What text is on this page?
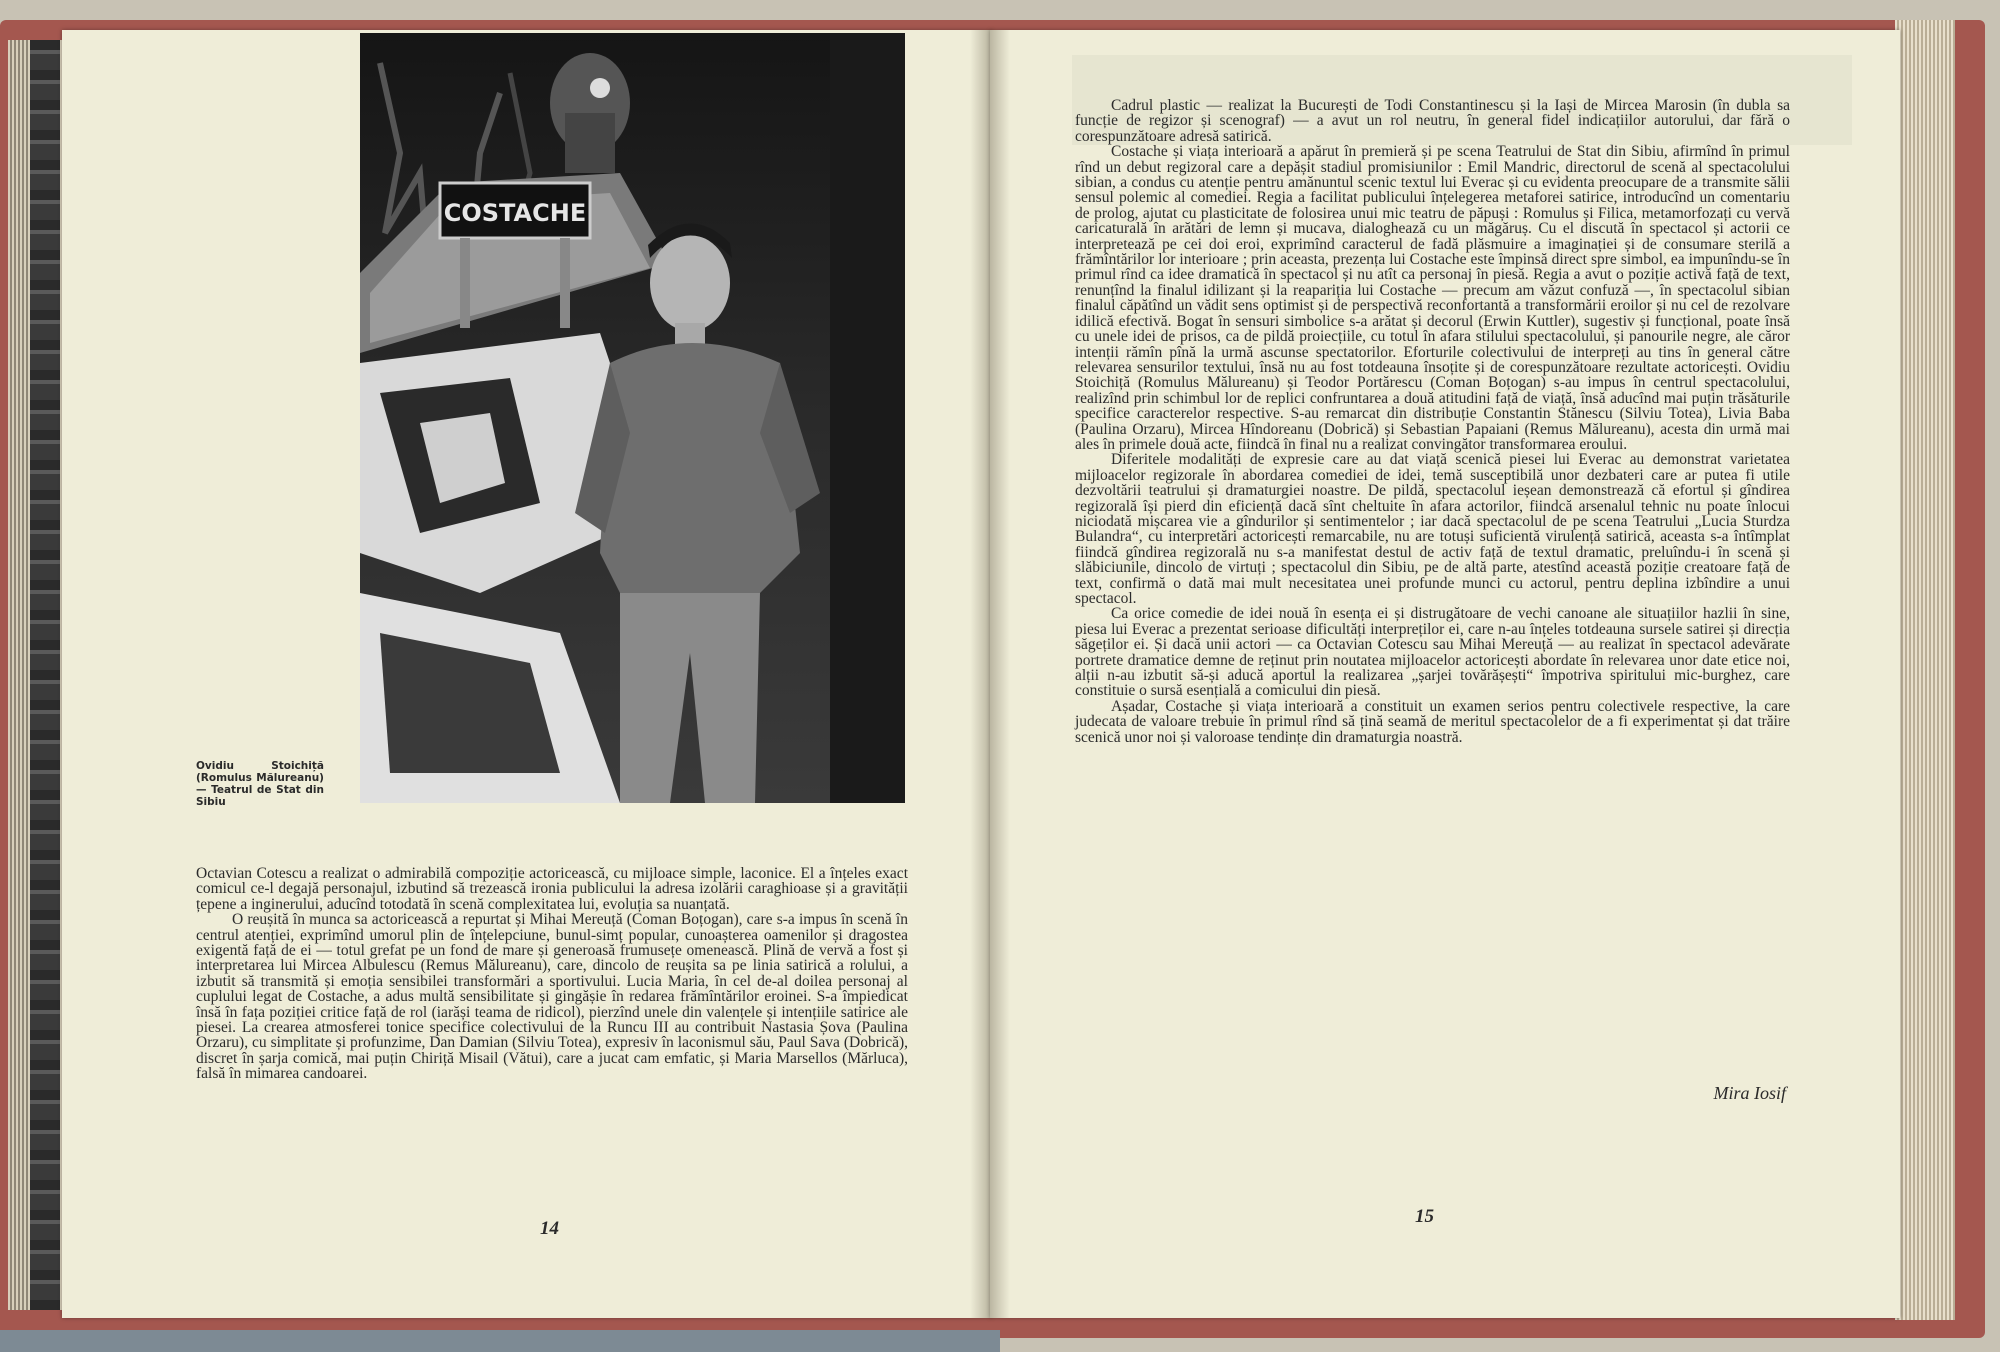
COSTACHE
Ovidiu Stoichiță (Romulus Mălureanu) — Teatrul de Stat din Sibiu

Octavian Cotescu a realizat o admirabilă compoziție actoricească, cu mijloace simple, laconice. El a înțeles exact comicul ce-l degajă personajul, izbutind să trezească ironia publicului la adresa izolării caraghioase și a gravității țepene a inginerului, aducînd totodată în scenă complexitatea lui, evoluția sa nuanțată.

O reușită în munca sa actoricească a repurtat și Mihai Mereuță (Coman Boțogan), care s-a impus în scenă în centrul atenției, exprimînd umorul plin de înțelepciune, bunul-simț popular, cunoașterea oamenilor și dragostea exigentă față de ei — totul grefat pe un fond de mare și generoasă frumusețe omenească. Plină de vervă a fost și interpretarea lui Mircea Albulescu (Remus Mălureanu), care, dincolo de reușita sa pe linia satirică a rolului, a izbutit să transmită și emoția sensibilei transformări a sportivului. Lucia Maria, în cel de-al doilea personaj al cuplului legat de Costache, a adus multă sensibilitate și gingășie în redarea frămîntărilor eroinei. S-a împiedicat însă în fața poziției critice față de rol (iarăși teama de ridicol), pierzînd unele din valențele și intențiile satirice ale piesei. La crearea atmosferei tonice specifice colectivului de la Runcu III au contribuit Nastasia Șova (Paulina Orzaru), cu simplitate și profunzime, Dan Damian (Silviu Totea), expresiv în laconismul său, Paul Sava (Dobrică), discret în șarja comică, mai puțin Chiriță Misail (Vătui), care a jucat cam emfatic, și Maria Marsellos (Mărluca), falsă în mimarea candoarei.

14

Cadrul plastic — realizat la București de Todi Constantinescu și la Iași de Mircea Marosin (în dubla sa funcție de regizor și scenograf) — a avut un rol neutru, în general fidel indicațiilor autorului, dar fără o corespunzătoare adresă satirică.

Costache și viața interioară a apărut în premieră și pe scena Teatrului de Stat din Sibiu, afirmînd în primul rînd un debut regizoral care a depășit stadiul promisiunilor : Emil Mandric, directorul de scenă al spectacolului sibian, a condus cu atenție pentru amănuntul scenic textul lui Everac și cu evidenta preocupare de a transmite sălii sensul polemic al comediei. Regia a facilitat publicului înțelegerea metaforei satirice, introducînd un comentariu de prolog, ajutat cu plasticitate de folosirea unui mic teatru de păpuși : Romulus și Filica, metamorfozați cu vervă caricaturală în arătări de lemn și mucava, dialoghează cu un măgăruș. Cu el discută în spectacol și actorii ce interpretează pe cei doi eroi, exprimînd caracterul de fadă plăsmuire a imaginației și de consumare sterilă a frămîntărilor lor interioare ; prin aceasta, prezența lui Costache este împinsă direct spre simbol, ea impunîndu-se în primul rînd ca idee dramatică în spectacol și nu atît ca personaj în piesă. Regia a avut o poziție activă față de text, renunțînd la finalul idilizant și la reapariția lui Costache — precum am văzut confuză —, în spectacolul sibian finalul căpătînd un vădit sens optimist și de perspectivă reconfortantă a transformării eroilor și nu cel de rezolvare idilică efectivă. Bogat în sensuri simbolice s-a arătat și decorul (Erwin Kuttler), sugestiv și funcțional, poate însă cu unele idei de prisos, ca de pildă proiecțiile, cu totul în afara stilului spectacolului, și panourile negre, ale căror intenții rămîn pînă la urmă ascunse spectatorilor. Eforturile colectivului de interpreți au tins în general către relevarea sensurilor textului, însă nu au fost totdeauna însoțite și de corespunzătoare rezultate actoricești. Ovidiu Stoichiță (Romulus Mălureanu) și Teodor Portărescu (Coman Boțogan) s-au impus în centrul spectacolului, realizînd prin schimbul lor de replici confruntarea a două atitudini față de viață, însă aducînd mai puțin trăsăturile specifice caracterelor respective. S-au remarcat din distribuție Constantin Stănescu (Silviu Totea), Livia Baba (Paulina Orzaru), Mircea Hîndoreanu (Dobrică) și Sebastian Papaiani (Remus Mălureanu), acesta din urmă mai ales în primele două acte, fiindcă în final nu a realizat convingător transformarea eroului.

Diferitele modalități de expresie care au dat viață scenică piesei lui Everac au demonstrat varietatea mijloacelor regizorale în abordarea comediei de idei, temă susceptibilă unor dezbateri care ar putea fi utile dezvoltării teatrului și dramaturgiei noastre. De pildă, spectacolul ieșean demonstrează că efortul și gîndirea regizorală își pierd din eficiență dacă sînt cheltuite în afara actorilor, fiindcă arsenalul tehnic nu poate înlocui niciodată mișcarea vie a gîndurilor și sentimentelor ; iar dacă spectacolul de pe scena Teatrului „Lucia Sturdza Bulandra“, cu interpretări actoricești remarcabile, nu are totuși suficientă virulență satirică, aceasta s-a întîmplat fiindcă gîndirea regizorală nu s-a manifestat destul de activ față de textul dramatic, preluîndu-i în scenă și slăbiciunile, dincolo de virtuți ; spectacolul din Sibiu, pe de altă parte, atestînd această poziție creatoare față de text, confirmă o dată mai mult necesitatea unei profunde munci cu actorul, pentru deplina izbîndire a unui spectacol.

Ca orice comedie de idei nouă în esența ei și distrugătoare de vechi canoane ale situațiilor hazlii în sine, piesa lui Everac a prezentat serioase dificultăți interpreților ei, care n-au înțeles totdeauna sursele satirei și direcția săgeților ei. Și dacă unii actori — ca Octavian Cotescu sau Mihai Mereuță — au realizat în spectacol adevărate portrete dramatice demne de reținut prin noutatea mijloacelor actoricești abordate în relevarea unor date etice noi, alții n-au izbutit să-și aducă aportul la realizarea „șarjei tovărășești“ împotriva spiritului mic-burghez, care constituie o sursă esențială a comicului din piesă.

Așadar, Costache și viața interioară a constituit un examen serios pentru colectivele respective, la care judecata de valoare trebuie în primul rînd să țină seamă de meritul spectacolelor de a fi experimentat și dat trăire scenică unor noi și valoroase tendințe din dramaturgia noastră.

Mira Iosif
15
